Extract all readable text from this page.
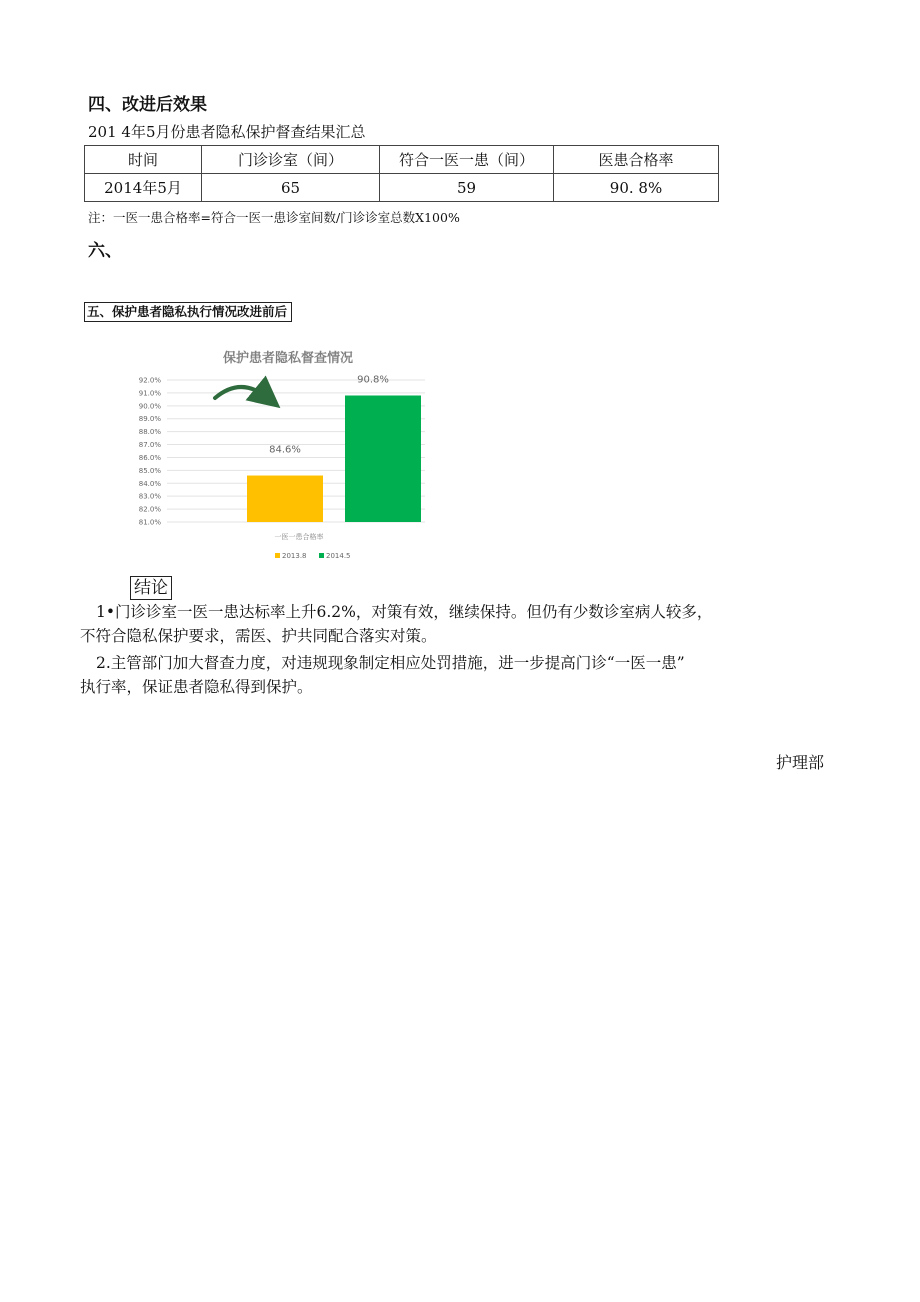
四、改进后效果
201 4年5月份患者隐私保护督查结果汇总
时间	门诊诊室（间）	符合一医一患（间）	医患合格率
2014年5月	65	59	90. 8%
注：一医一患合格率=符合一医一患诊室间数/门诊诊室总数X100%
六、
五、保护患者隐私执行情况改进前后
保护患者隐私督查情况
81.0%
82.0%
83.0%
84.0%
85.0%
86.0%
87.0%
88.0%
89.0%
90.0%
91.0%
92.0%
84.6%
90.8%
一医一患合格率
2013.8	2014.5
结论
1•门诊诊室一医一患达标率上升6.2%，对策有效，继续保持。但仍有少数诊室病人较多，
不符合隐私保护要求，需医、护共同配合落实对策。
2.主管部门加大督查力度，对违规现象制定相应处罚措施，进一步提高门诊“一医一患”
执行率，保证患者隐私得到保护。
护理部
